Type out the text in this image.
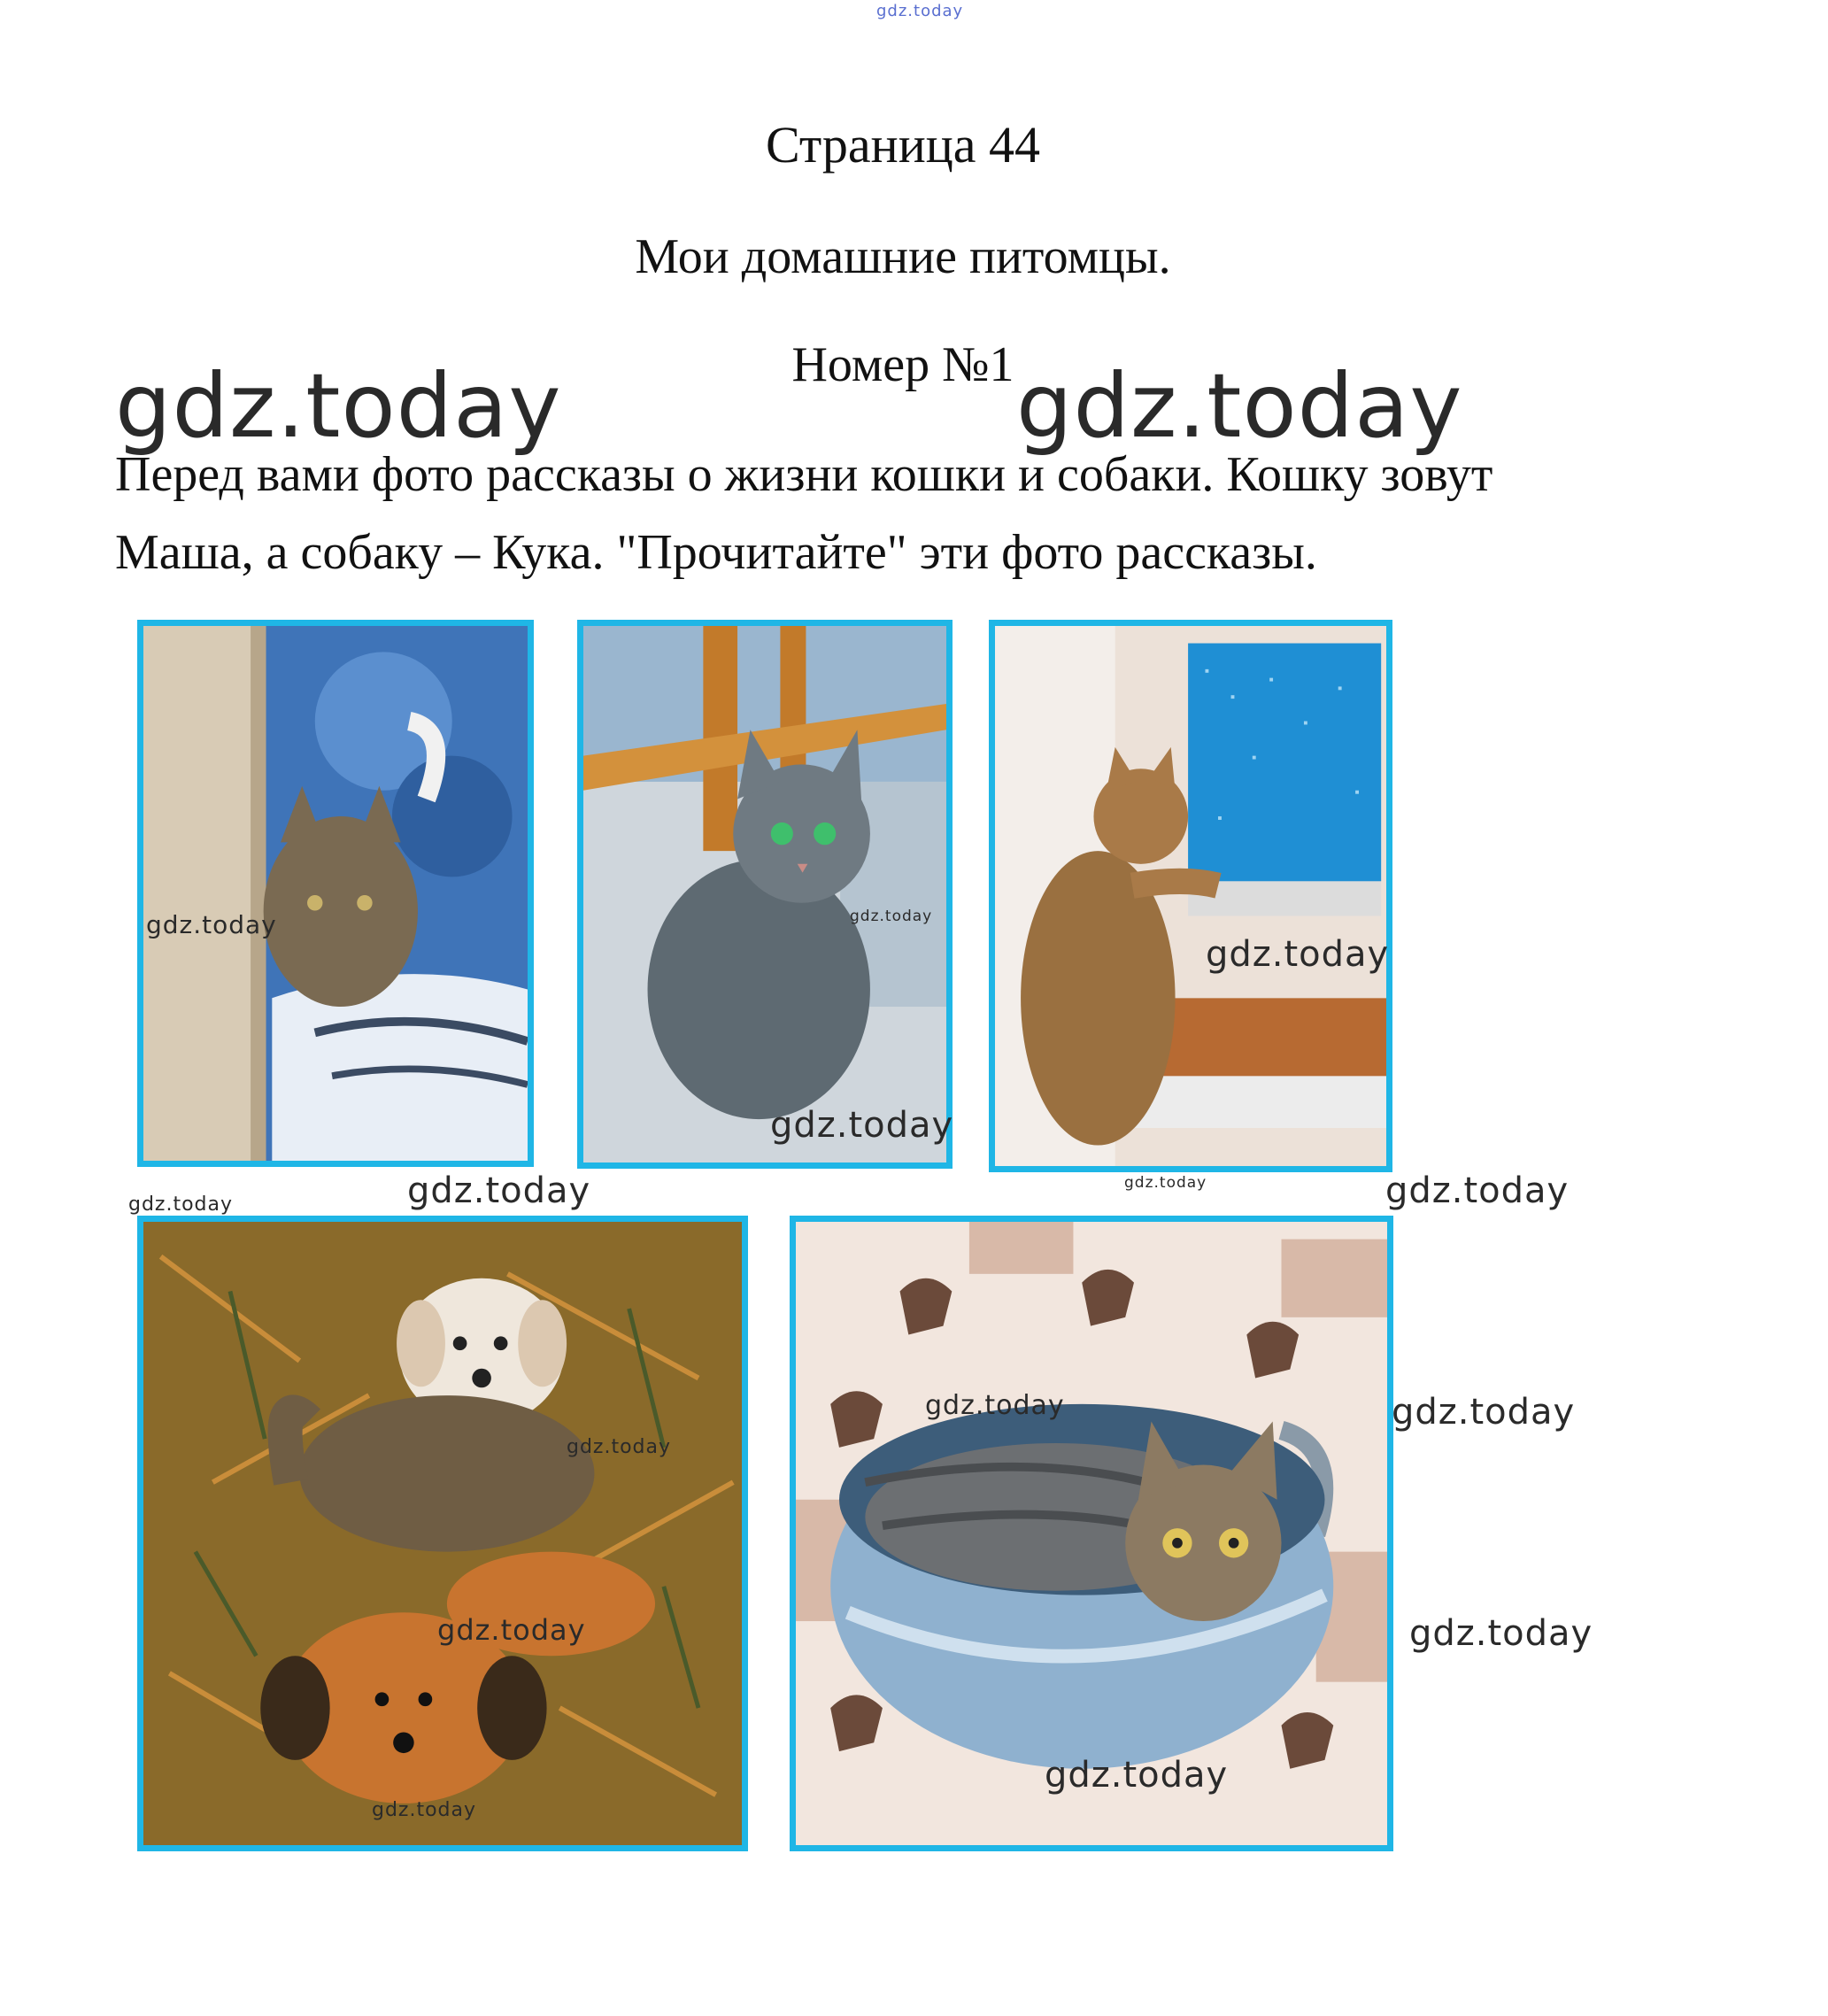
gdz.today
Страница 44
Мои домашние питомцы.
Номер №1
gdz.today	gdz.today
Перед вами фото рассказы о жизни кошки и собаки. Кошку зовут
Маша, а собаку – Кука. "Прочитайте" эти фото рассказы.
gdz.today	gdz.today
gdz.today
gdz.today
gdz.today
gdz.today	gdz.today	gdz.today
gdz.today
gdz.today
gdz.today
gdz.today
gdz.today
gdz.today
gdz.today
